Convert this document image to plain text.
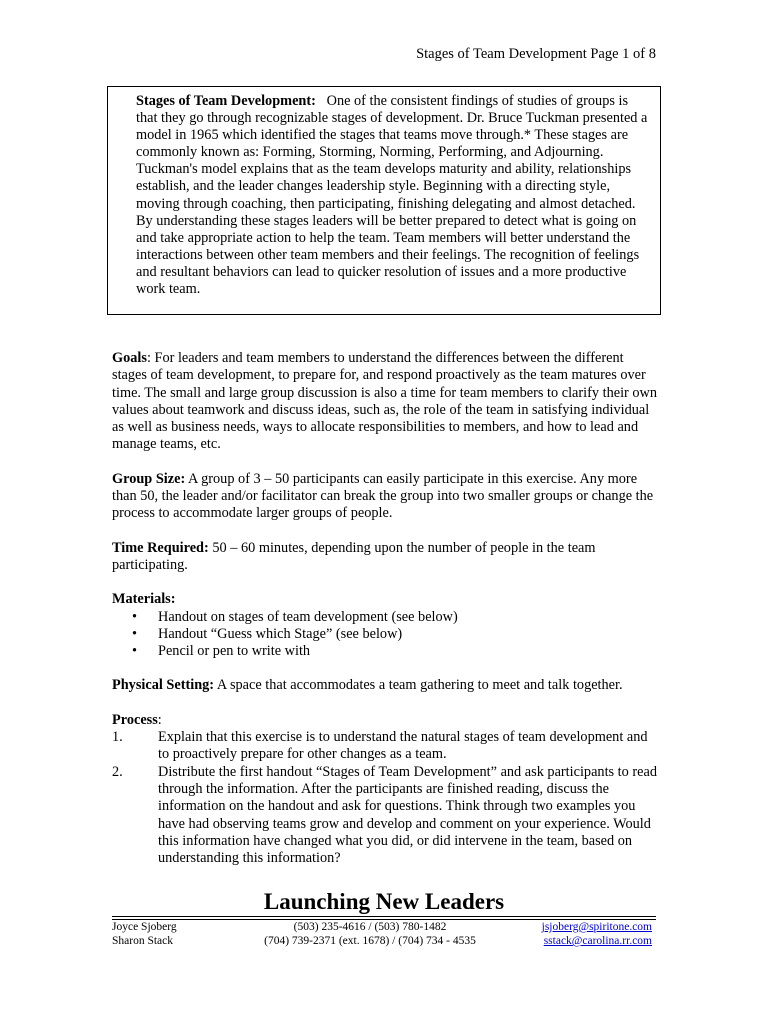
Stages of Team Development Page 1 of 8
Stages of Team Development: One of the consistent findings of studies of groups is that they go through recognizable stages of development. Dr. Bruce Tuckman presented a model in 1965 which identified the stages that teams move through.* These stages are commonly known as: Forming, Storming, Norming, Performing, and Adjourning. Tuckman's model explains that as the team develops maturity and ability, relationships establish, and the leader changes leadership style. Beginning with a directing style, moving through coaching, then participating, finishing delegating and almost detached. By understanding these stages leaders will be better prepared to detect what is going on and take appropriate action to help the team. Team members will better understand the interactions between other team members and their feelings. The recognition of feelings and resultant behaviors can lead to quicker resolution of issues and a more productive work team.

Goals: For leaders and team members to understand the differences between the different stages of team development, to prepare for, and respond proactively as the team matures over time. The small and large group discussion is also a time for team members to clarify their own values about teamwork and discuss ideas, such as, the role of the team in satisfying individual as well as business needs, ways to allocate responsibilities to members, and how to lead and manage teams, etc.

Group Size: A group of 3 – 50 participants can easily participate in this exercise. Any more than 50, the leader and/or facilitator can break the group into two smaller groups or change the process to accommodate larger groups of people.

Time Required: 50 – 60 minutes, depending upon the number of people in the team participating.

Materials:
• Handout on stages of team development (see below)
• Handout “Guess which Stage” (see below)
• Pencil or pen to write with

Physical Setting: A space that accommodates a team gathering to meet and talk together.

Process:
1. Explain that this exercise is to understand the natural stages of team development and to proactively prepare for other changes as a team.
2. Distribute the first handout “Stages of Team Development” and ask participants to read through the information. After the participants are finished reading, discuss the information on the handout and ask for questions. Think through two examples you have had observing teams grow and develop and comment on your experience. Would this information have changed what you did, or did intervene in the team, based on understanding this information?
Launching New Leaders
Joyce Sjoberg	(503) 235-4616 / (503) 780-1482	jsjoberg@spiritone.com
Sharon Stack	(704) 739-2371 (ext. 1678) / (704) 734 - 4535	sstack@carolina.rr.com
